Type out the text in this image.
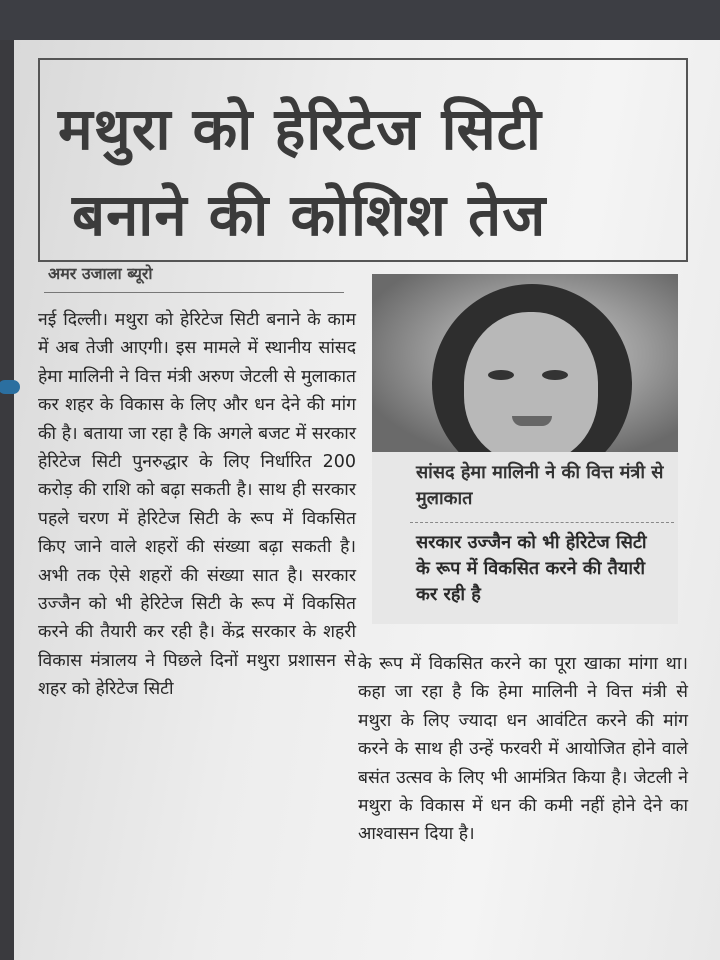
मथुरा को हेरिटेज सिटी
बनाने की कोशिश तेज
अमर उजाला ब्यूरो
नई दिल्ली। मथुरा को हेरिटेज सिटी बनाने के काम में अब तेजी आएगी। इस मामले में स्थानीय सांसद हेमा मालिनी ने वित्त मंत्री अरुण जेटली से मुलाकात कर शहर के विकास के लिए और धन देने की मांग की है। बताया जा रहा है कि अगले बजट में सरकार हेरिटेज सिटी पुनरुद्धार के लिए निर्धारित 200 करोड़ की राशि को बढ़ा सकती है। साथ ही सरकार पहले चरण में हेरिटेज सिटी के रूप में विकसित किए जाने वाले शहरों की संख्या बढ़ा सकती है। अभी तक ऐसे शहरों की संख्या सात है। सरकार उज्जैन को भी हेरिटेज सिटी के रूप में विकसित करने की तैयारी कर रही है। केंद्र सरकार के शहरी विकास मंत्रालय ने पिछले दिनों मथुरा प्रशासन से शहर को हेरिटेज सिटी
सांसद हेमा मालिनी ने की वित्त मंत्री से मुलाकात
सरकार उज्जैन को भी हेरिटेज सिटी के रूप में विकसित करने की तैयारी कर रही है
के रूप में विकसित करने का पूरा खाका मांगा था। कहा जा रहा है कि हेमा मालिनी ने वित्त मंत्री से मथुरा के लिए ज्यादा धन आवंटित करने की मांग करने के साथ ही उन्हें फरवरी में आयोजित होने वाले बसंत उत्सव के लिए भी आमंत्रित किया है। जेटली ने मथुरा के विकास में धन की कमी नहीं होने देने का आश्वासन दिया है।
